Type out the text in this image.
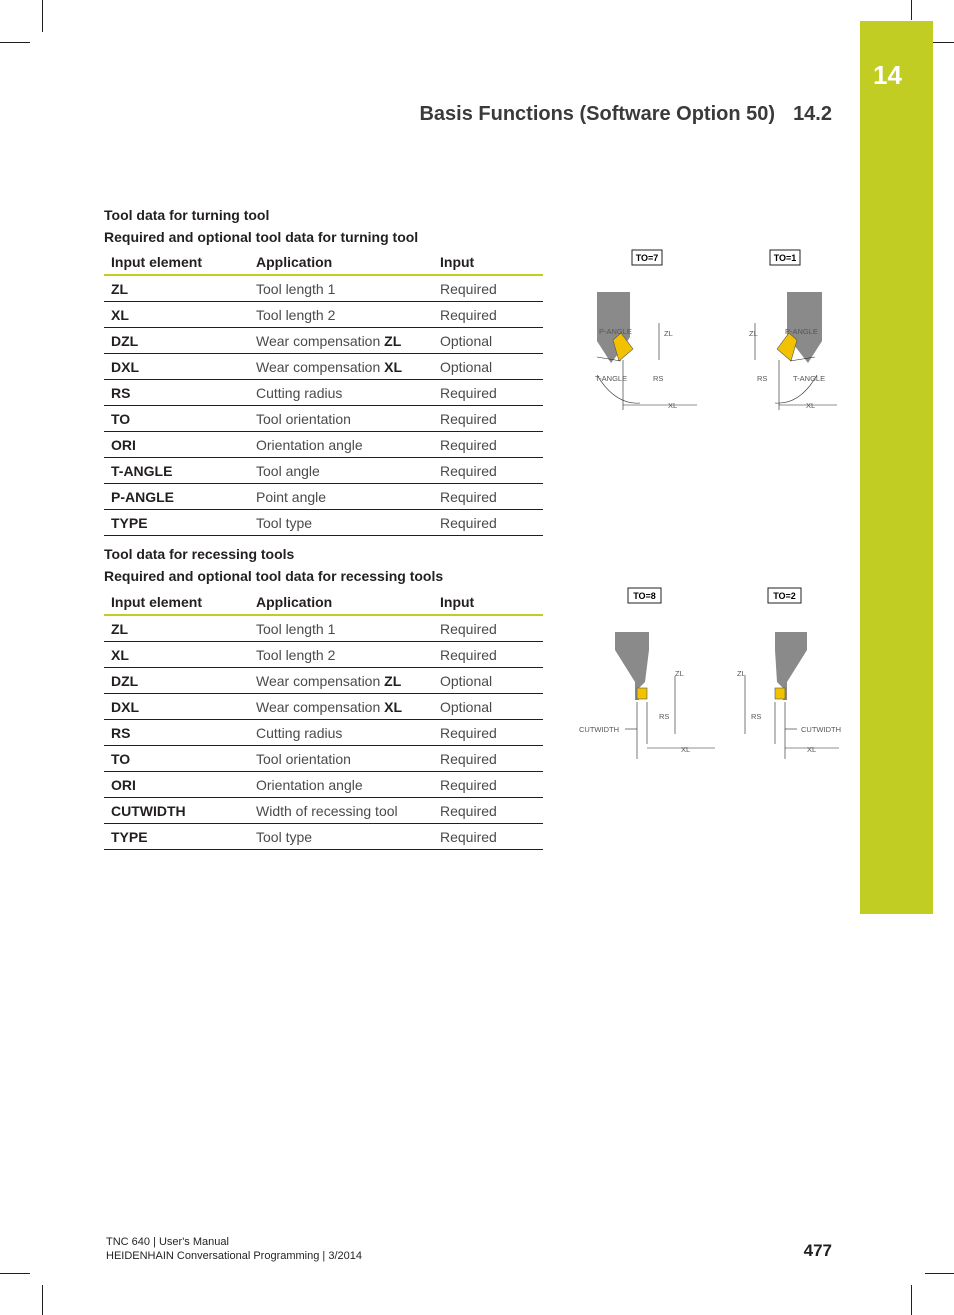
14
Basis Functions (Software Option 50) 14.2
Tool data for turning tool
Required and optional tool data for turning tool
Input element	Application	Input
ZL	Tool length 1	Required
XL	Tool length 2	Required
DZL	Wear compensation ZL	Optional
DXL	Wear compensation XL	Optional
RS	Cutting radius	Required
TO	Tool orientation	Required
ORI	Orientation angle	Required
T-ANGLE	Tool angle	Required
P-ANGLE	Point angle	Required
TYPE	Tool type	Required
Tool data for recessing tools
Required and optional tool data for recessing tools
Input element	Application	Input
ZL	Tool length 1	Required
XL	Tool length 2	Required
DZL	Wear compensation ZL	Optional
DXL	Wear compensation XL	Optional
RS	Cutting radius	Required
TO	Tool orientation	Required
ORI	Orientation angle	Required
CUTWIDTH	Width of recessing tool	Required
TYPE	Tool type	Required
TO=7	TO=1
P-ANGLE
T-ANGLE
ZL
RS
XL
P-ANGLE
T-ANGLE
ZL
RS
XL
TO=8	TO=2
CUTWIDTH
ZL
RS
XL
CUTWIDTH
ZL
RS
XL
TNC 640 | User's Manual
HEIDENHAIN Conversational Programming | 3/2014	477
